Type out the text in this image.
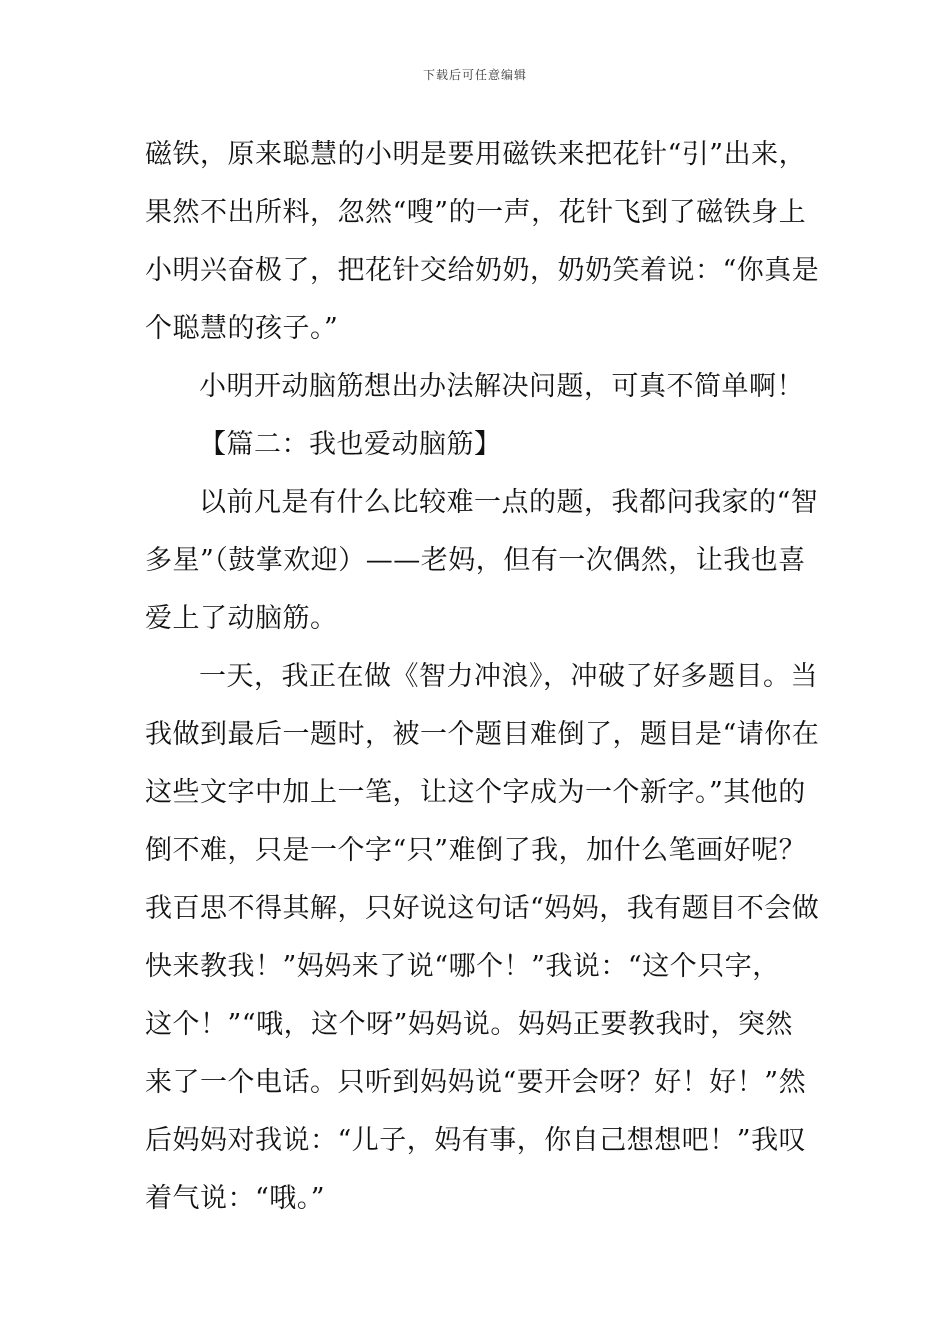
下载后可任意编辑
磁铁，原来聪慧的小明是要用磁铁来把花针“引”出来，
果然不出所料，忽然“嗖”的一声，花针飞到了磁铁身上
小明兴奋极了，把花针交给奶奶，奶奶笑着说：“你真是
个聪慧的孩子。”
小明开动脑筋想出办法解决问题，可真不简单啊！
【篇二：我也爱动脑筋】
以前凡是有什么比较难一点的题，我都问我家的“智
多星”（鼓掌欢迎）——老妈，但有一次偶然，让我也喜
爱上了动脑筋。
一天，我正在做《智力冲浪》，冲破了好多题目。当
我做到最后一题时，被一个题目难倒了，题目是“请你在
这些文字中加上一笔，让这个字成为一个新字。”其他的
倒不难，只是一个字“只”难倒了我，加什么笔画好呢？
我百思不得其解，只好说这句话“妈妈，我有题目不会做
快来教我！”妈妈来了说“哪个！”我说：“这个只字，
这个！”“哦，这个呀”妈妈说。妈妈正要教我时，突然
来了一个电话。只听到妈妈说“要开会呀？好！好！”然
后妈妈对我说：“儿子，妈有事，你自己想想吧！”我叹
着气说：“哦。”
